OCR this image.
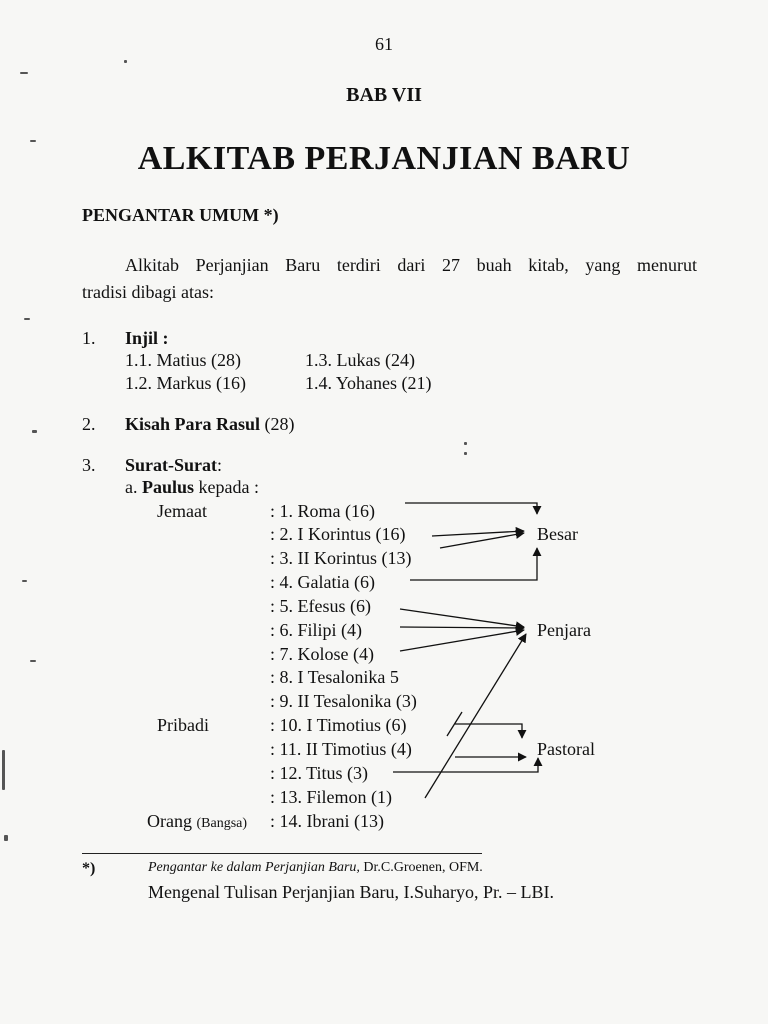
61
BAB VII
ALKITAB PERJANJIAN BARU
PENGANTAR UMUM *)
Alkitab Perjanjian Baru terdiri dari 27 buah kitab, yang menurut
tradisi dibagi atas:
1. Injil :
1.1. Matius (28)
1.2. Markus (16)
1.3. Lukas (24)
1.4. Yohanes (21)
2. Kisah Para Rasul (28)
3. Surat-Surat:
a. Paulus kepada :
Jemaat
Pribadi
Orang (Bangsa)
: 1. Roma (16)
: 2. I Korintus (16)
: 3. II Korintus (13)
: 4. Galatia (6)
: 5. Efesus (6)
: 6. Filipi (4)
: 7. Kolose (4)
: 8. I Tesalonika 5
: 9. II Tesalonika (3)
: 10. I Timotius (6)
: 11. II Timotius (4)
: 12. Titus (3)
: 13. Filemon (1)
: 14. Ibrani (13)
Besar
Penjara
Pastoral
*)	Pengantar ke dalam Perjanjian Baru, Dr.C.Groenen, OFM.
Mengenal Tulisan Perjanjian Baru, I.Suharyo, Pr. – LBI.
